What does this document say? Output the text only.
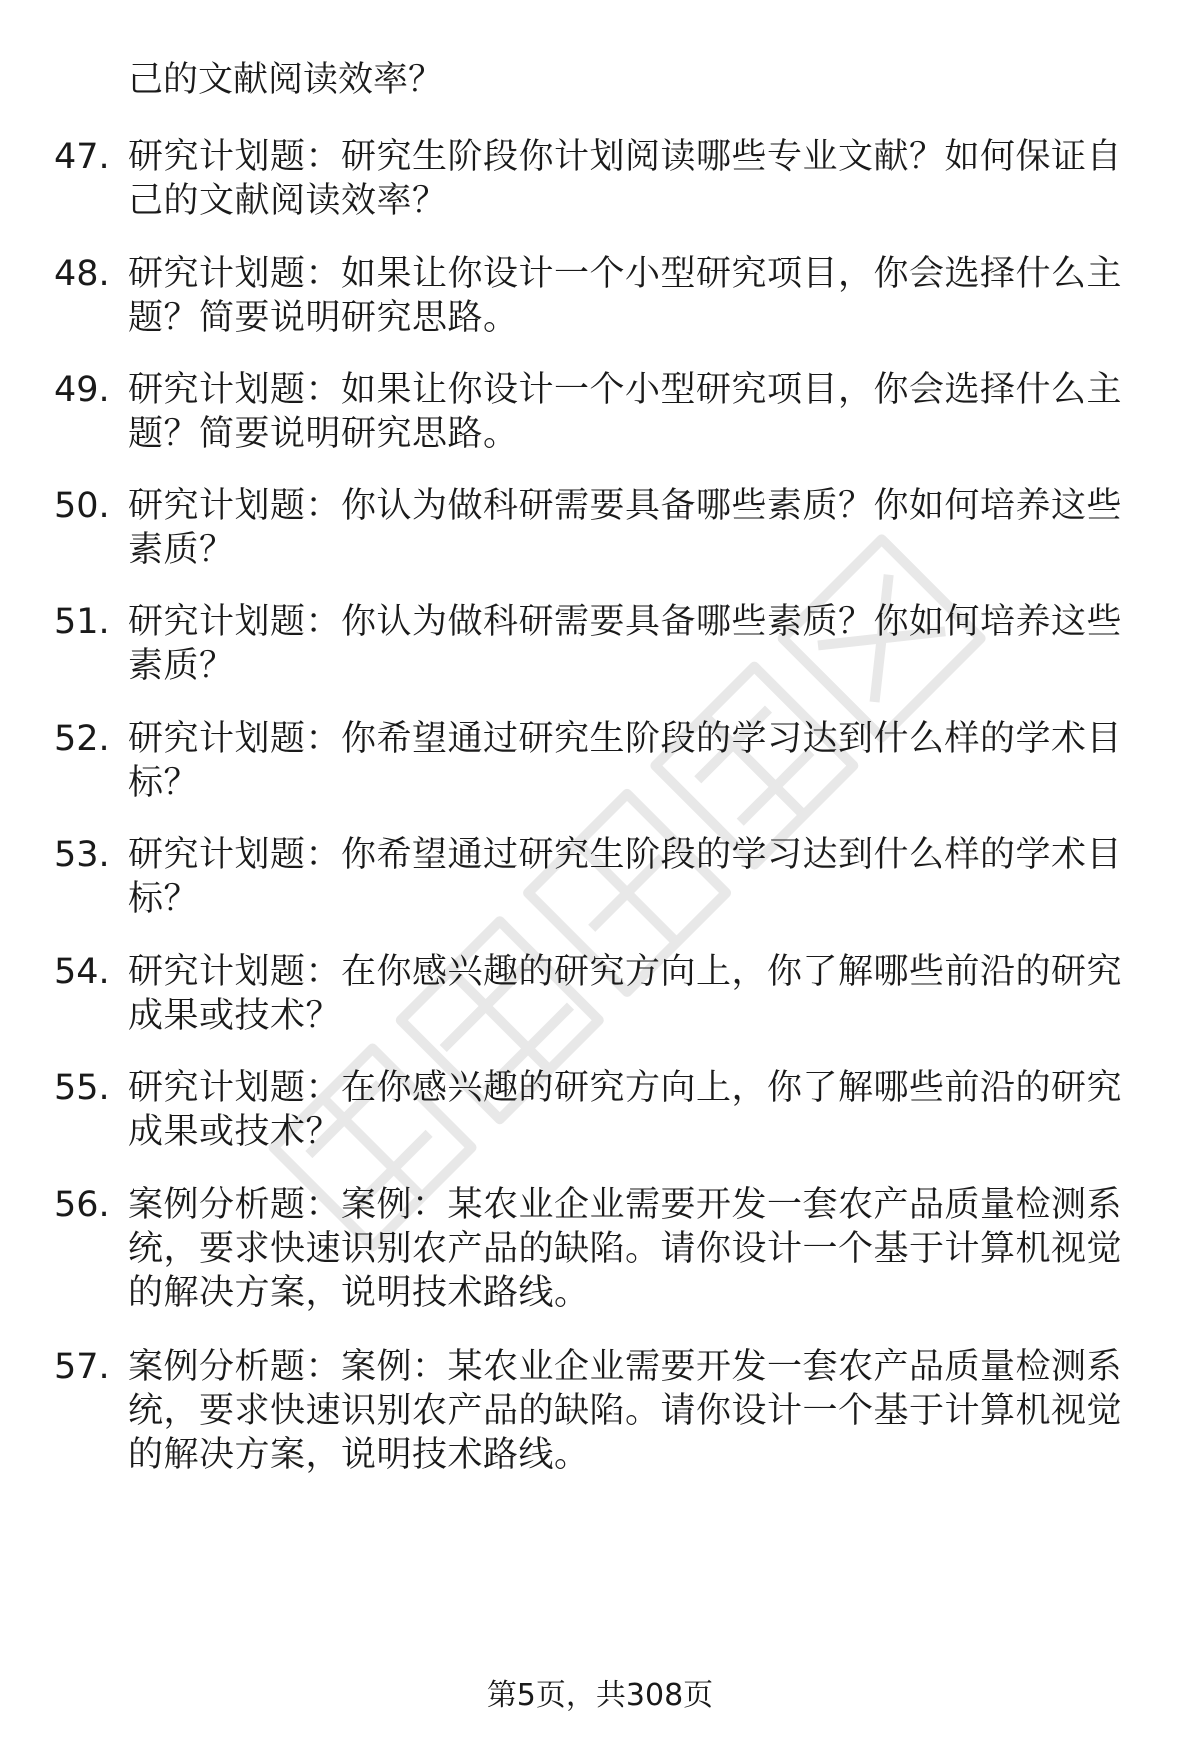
己的文献阅读效率？

47. 研究计划题：研究生阶段你计划阅读哪些专业文献？如何保证自己的文献阅读效率？
48. 研究计划题：如果让你设计一个小型研究项目，你会选择什么主题？简要说明研究思路。
49. 研究计划题：如果让你设计一个小型研究项目，你会选择什么主题？简要说明研究思路。
50. 研究计划题：你认为做科研需要具备哪些素质？你如何培养这些素质？
51. 研究计划题：你认为做科研需要具备哪些素质？你如何培养这些素质？
52. 研究计划题：你希望通过研究生阶段的学习达到什么样的学术目标？
53. 研究计划题：你希望通过研究生阶段的学习达到什么样的学术目标？
54. 研究计划题：在你感兴趣的研究方向上，你了解哪些前沿的研究成果或技术？
55. 研究计划题：在你感兴趣的研究方向上，你了解哪些前沿的研究成果或技术？
56. 案例分析题：案例：某农业企业需要开发一套农产品质量检测系统，要求快速识别农产品的缺陷。请你设计一个基于计算机视觉的解决方案，说明技术路线。
57. 案例分析题：案例：某农业企业需要开发一套农产品质量检测系统，要求快速识别农产品的缺陷。请你设计一个基于计算机视觉的解决方案，说明技术路线。
第5页，共308页
